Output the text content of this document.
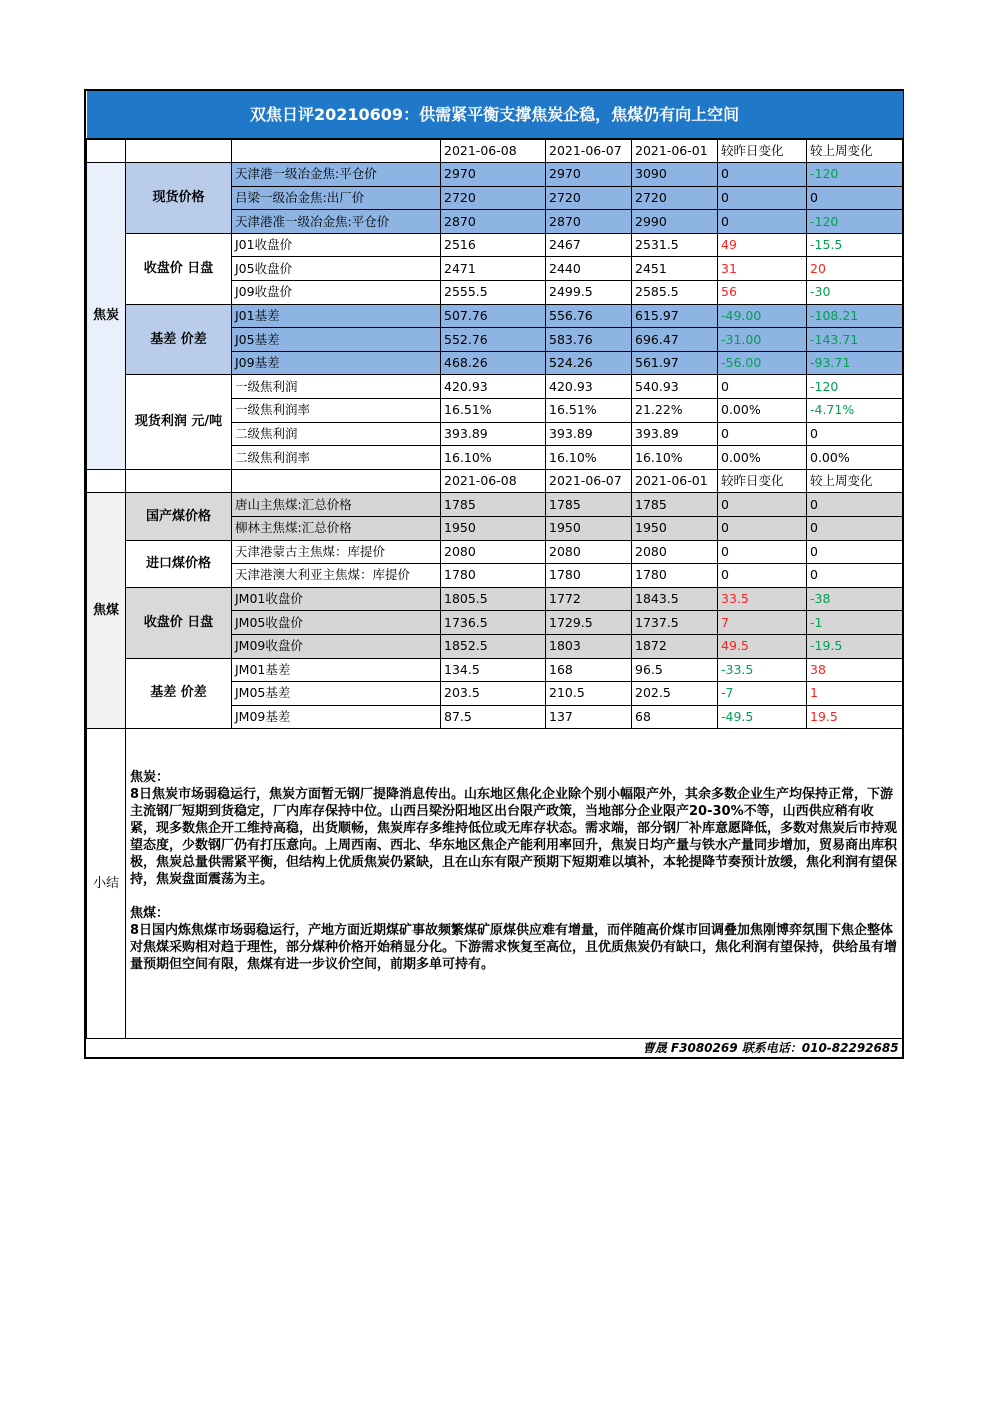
双焦日评20210609：供需紧平衡支撑焦炭企稳，焦煤仍有向上空间							
			2021-06-08	2021-06-07	2021-06-01	较昨日变化	较上周变化
焦炭	现货价格	天津港一级冶金焦:平仓价	2970	2970	3090	0	-120
		吕梁一级冶金焦:出厂价	2720	2720	2720	0	0
		天津港准一级冶金焦:平仓价	2870	2870	2990	0	-120
	收盘价 日盘	J01收盘价	2516	2467	2531.5	49	-15.5
		J05收盘价	2471	2440	2451	31	20
		J09收盘价	2555.5	2499.5	2585.5	56	-30
	基差 价差	J01基差	507.76	556.76	615.97	-49.00	-108.21
		J05基差	552.76	583.76	696.47	-31.00	-143.71
		J09基差	468.26	524.26	561.97	-56.00	-93.71
	现货利润 元/吨	一级焦利润	420.93	420.93	540.93	0	-120
		一级焦利润率	16.51%	16.51%	21.22%	0.00%	-4.71%
		二级焦利润	393.89	393.89	393.89	0	0
		二级焦利润率	16.10%	16.10%	16.10%	0.00%	0.00%
			2021-06-08	2021-06-07	2021-06-01	较昨日变化	较上周变化
焦煤	国产煤价格	唐山主焦煤:汇总价格	1785	1785	1785	0	0
		柳林主焦煤:汇总价格	1950	1950	1950	0	0
	进口煤价格	天津港蒙古主焦煤：库提价	2080	2080	2080	0	0
		天津港澳大利亚主焦煤：库提价	1780	1780	1780	0	0
	收盘价 日盘	JM01收盘价	1805.5	1772	1843.5	33.5	-38
		JM05收盘价	1736.5	1729.5	1737.5	7	-1
		JM09收盘价	1852.5	1803	1872	49.5	-19.5
	基差 价差	JM01基差	134.5	168	96.5	-33.5	38
		JM05基差	203.5	210.5	202.5	-7	1
		JM09基差	87.5	137	68	-49.5	19.5
小结	焦炭：
8日焦炭市场弱稳运行，焦炭方面暂无钢厂提降消息传出。山东地区焦化企业除个别小幅限产外，其余多数企业生产均保持正常，下游主流钢厂短期到货稳定，厂内库存保持中位。山西吕梁汾阳地区出台限产政策，当地部分企业限产20-30%不等，山西供应稍有收紧，现多数焦企开工维持高稳，出货顺畅，焦炭库存多维持低位或无库存状态。需求端，部分钢厂补库意愿降低，多数对焦炭后市持观望态度，少数钢厂仍有打压意向。上周西南、西北、华东地区焦企产能利用率回升，焦炭日均产量与铁水产量同步增加，贸易商出库积极，焦炭总量供需紧平衡，但结构上优质焦炭仍紧缺，且在山东有限产预期下短期难以填补，本轮提降节奏预计放缓，焦化利润有望保持，焦炭盘面震荡为主。

焦煤：
8日国内炼焦煤市场弱稳运行，产地方面近期煤矿事故频繁煤矿原煤供应难有增量，而伴随高价煤市回调叠加焦刚博弈氛围下焦企整体对焦煤采购相对趋于理性，部分煤种价格开始稍显分化。下游需求恢复至高位，且优质焦炭仍有缺口，焦化利润有望保持，供给虽有增量预期但空间有限，焦煤有进一步议价空间，前期多单可持有。						

曹晟 F3080269 联系电话：010-82292685							
